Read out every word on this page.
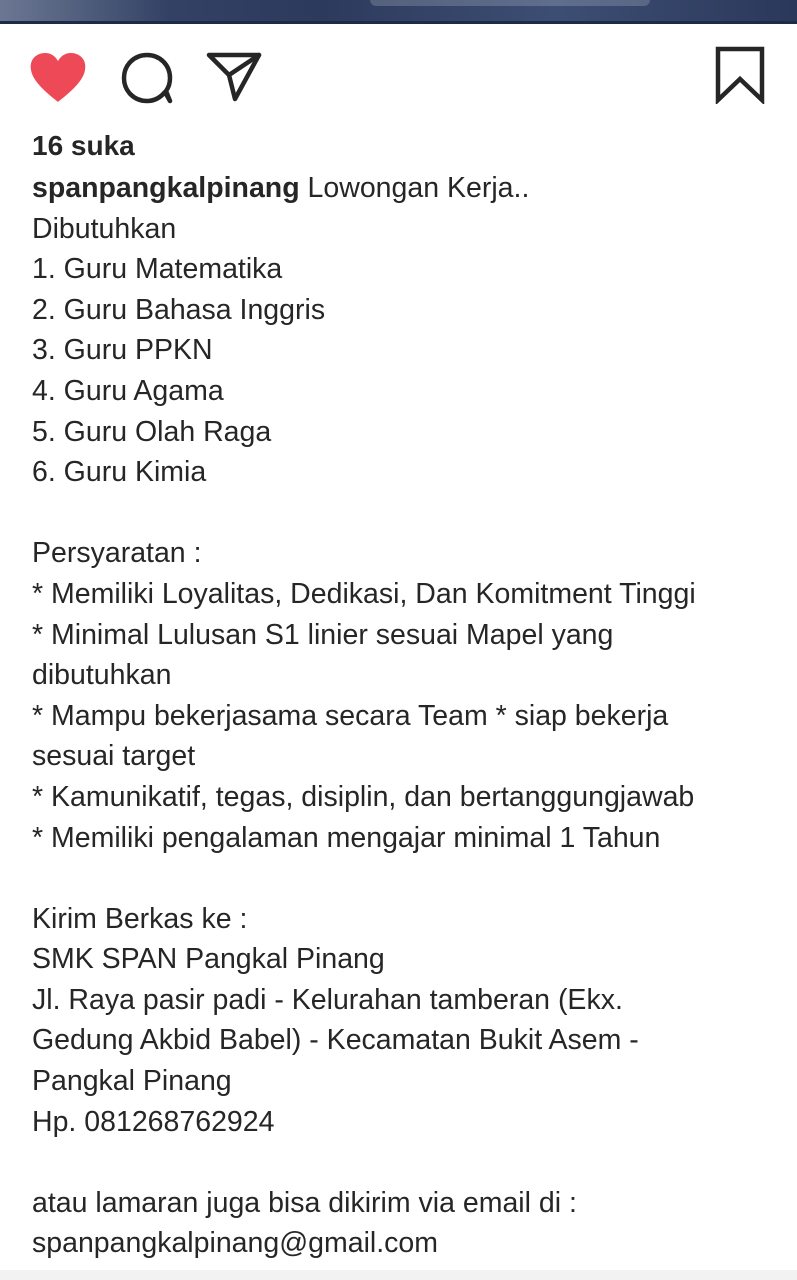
16 suka
spanpangkalpinang Lowongan Kerja..
Dibutuhkan
1. Guru Matematika
2. Guru Bahasa Inggris
3. Guru PPKN
4. Guru Agama
5. Guru Olah Raga
6. Guru Kimia
Persyaratan :
* Memiliki Loyalitas, Dedikasi, Dan Komitment Tinggi
* Minimal Lulusan S1 linier sesuai Mapel yang
dibutuhkan
* Mampu bekerjasama secara Team * siap bekerja
sesuai target
* Kamunikatif, tegas, disiplin, dan bertanggungjawab
* Memiliki pengalaman mengajar minimal 1 Tahun
Kirim Berkas ke :
SMK SPAN Pangkal Pinang
Jl. Raya pasir padi - Kelurahan tamberan (Ekx.
Gedung Akbid Babel) - Kecamatan Bukit Asem -
Pangkal Pinang
Hp. 081268762924
atau lamaran juga bisa dikirim via email di :
spanpangkalpinang@gmail.com
